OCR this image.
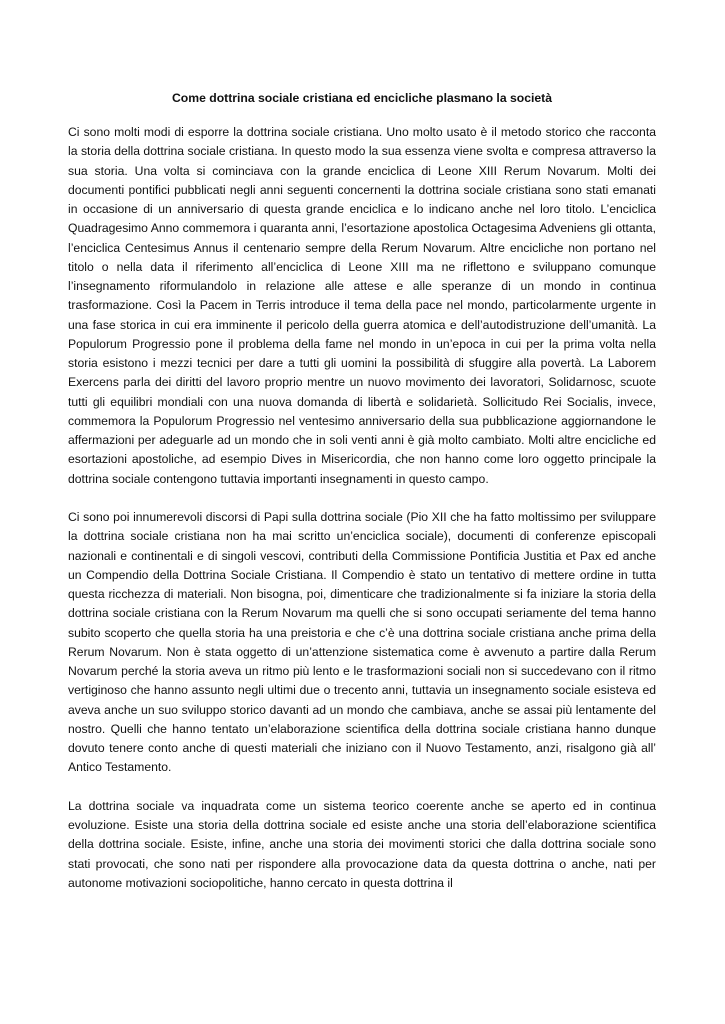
Come dottrina sociale cristiana ed encicliche plasmano la società
Ci sono molti modi di esporre la dottrina sociale cristiana. Uno molto usato è il metodo storico che racconta la storia della dottrina sociale cristiana. In questo modo la sua essenza viene svolta e compresa attraverso la sua storia. Una volta si cominciava con la grande enciclica di Leone XIII Rerum Novarum. Molti dei documenti pontifici pubblicati negli anni seguenti concernenti la dottrina sociale cristiana sono stati emanati in occasione di un anniversario di questa grande enciclica e lo indicano anche nel loro titolo. L’enciclica Quadragesimo Anno commemora i quaranta anni, l’esortazione apostolica Octagesima Adveniens gli ottanta, l’enciclica Centesimus Annus il centenario sempre della Rerum Novarum. Altre encicliche non portano nel titolo o nella data il riferimento all’enciclica di Leone XIII ma ne riflettono e sviluppano comunque l’insegnamento riformulandolo in relazione alle attese e alle speranze di un mondo in continua trasformazione. Così la Pacem in Terris introduce il tema della pace nel mondo, particolarmente urgente in una fase storica in cui era imminente il pericolo della guerra atomica e dell’autodistruzione dell’umanità. La Populorum Progressio pone il problema della fame nel mondo in un’epoca in cui per la prima volta nella storia esistono i mezzi tecnici per dare a tutti gli uomini la possibilità di sfuggire alla povertà. La Laborem Exercens parla dei diritti del lavoro proprio mentre un nuovo movimento dei lavoratori, Solidarnosc, scuote tutti gli equilibri mondiali con una nuova domanda di libertà e solidarietà. Sollicitudo Rei Socialis, invece, commemora la Populorum Progressio nel ventesimo anniversario della sua pubblicazione aggiornandone le affermazioni per adeguarle ad un mondo che in soli venti anni è già molto cambiato. Molti altre encicliche ed esortazioni apostoliche, ad esempio Dives in Misericordia, che non hanno come loro oggetto principale la dottrina sociale contengono tuttavia importanti insegnamenti in questo campo.
Ci sono poi innumerevoli discorsi di Papi sulla dottrina sociale (Pio XII che ha fatto moltissimo per sviluppare la dottrina sociale cristiana non ha mai scritto un’enciclica sociale), documenti di conferenze episcopali nazionali e continentali e di singoli vescovi, contributi della Commissione Pontificia Justitia et Pax ed anche un Compendio della Dottrina Sociale Cristiana. Il Compendio è stato un tentativo di mettere ordine in tutta questa ricchezza di materiali. Non bisogna, poi, dimenticare che tradizionalmente si fa iniziare la storia della dottrina sociale cristiana con la Rerum Novarum ma quelli che si sono occupati seriamente del tema hanno subito scoperto che quella storia ha una preistoria e che c’è una dottrina sociale cristiana anche prima della Rerum Novarum. Non è stata oggetto di un’attenzione sistematica come è avvenuto a partire dalla Rerum Novarum perché la storia aveva un ritmo più lento e le trasformazioni sociali non si succedevano con il ritmo vertiginoso che hanno assunto negli ultimi due o trecento anni, tuttavia un insegnamento sociale esisteva ed aveva anche un suo sviluppo storico davanti ad un mondo che cambiava, anche se assai più lentamente del nostro. Quelli che hanno tentato un’elaborazione scientifica della dottrina sociale cristiana hanno dunque dovuto tenere conto anche di questi materiali che iniziano con il Nuovo Testamento, anzi, risalgono già all’ Antico Testamento.
La dottrina sociale va inquadrata come un sistema teorico coerente anche se aperto ed in continua evoluzione. Esiste una storia della dottrina sociale ed esiste anche una storia dell’elaborazione scientifica della dottrina sociale. Esiste, infine, anche una storia dei movimenti storici che dalla dottrina sociale sono stati provocati, che sono nati per rispondere alla provocazione data da questa dottrina o anche, nati per autonome motivazioni sociopolitiche, hanno cercato in questa dottrina il
